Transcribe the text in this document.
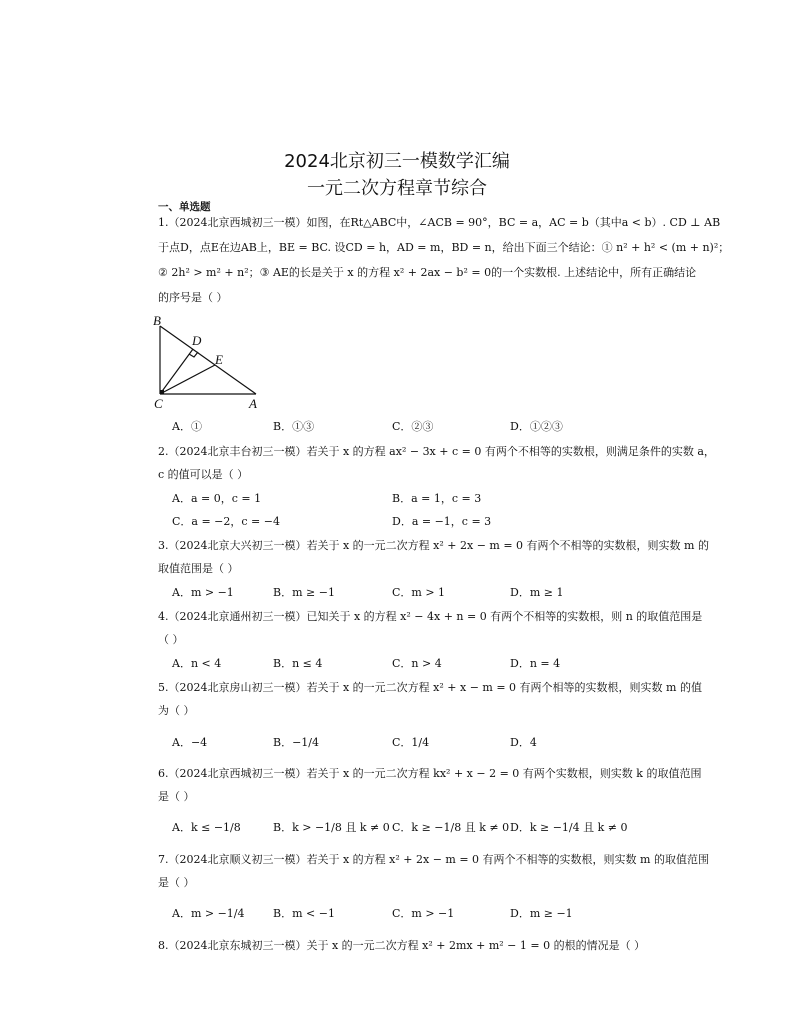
2024北京初三一模数学汇编
一元二次方程章节综合
一、单选题
1.（2024北京西城初三一模）如图，在Rt△ABC中，∠ACB = 90°，BC = a，AC = b（其中a < b）. CD ⊥ AB
于点D，点E在边AB上，BE = BC. 设CD = h，AD = m，BD = n，给出下面三个结论：① n² + h² < (m + n)²；
② 2h² > m² + n²；③ AE的长是关于 x 的方程 x² + 2ax − b² = 0的一个实数根. 上述结论中，所有正确结论
的序号是（ ）
B
D
E
C	A
A．①	B．①③	C．②③	D．①②③
2.（2024北京丰台初三一模）若关于 x 的方程 ax² − 3x + c = 0 有两个不相等的实数根，则满足条件的实数 a，
c 的值可以是（ ）
A．a = 0，c = 1	B．a = 1，c = 3
C．a = −2，c = −4	D．a = −1，c = 3
3.（2024北京大兴初三一模）若关于 x 的一元二次方程 x² + 2x − m = 0 有两个不相等的实数根，则实数 m 的
取值范围是（ ）
A．m > −1	B．m ≥ −1	C．m > 1	D．m ≥ 1
4.（2024北京通州初三一模）已知关于 x 的方程 x² − 4x + n = 0 有两个不相等的实数根，则 n 的取值范围是
（ ）
A．n < 4	B．n ≤ 4	C．n > 4	D．n = 4
5.（2024北京房山初三一模）若关于 x 的一元二次方程 x² + x − m = 0 有两个相等的实数根，则实数 m 的值
为（ ）
A．−4	B．−1/4	C．1/4	D．4
6.（2024北京西城初三一模）若关于 x 的一元二次方程 kx² + x − 2 = 0 有两个实数根，则实数 k 的取值范围
是（ ）
A．k ≤ −1/8	B．k > −1/8 且 k ≠ 0 C．k ≥ −1/8 且 k ≠ 0 D．k ≥ −1/4 且 k ≠ 0
7.（2024北京顺义初三一模）若关于 x 的方程 x² + 2x − m = 0 有两个不相等的实数根，则实数 m 的取值范围
是（ ）
A．m > −1/4	B．m < −1	C．m > −1	D．m ≥ −1
8.（2024北京东城初三一模）关于 x 的一元二次方程 x² + 2mx + m² − 1 = 0 的根的情况是（ ）
